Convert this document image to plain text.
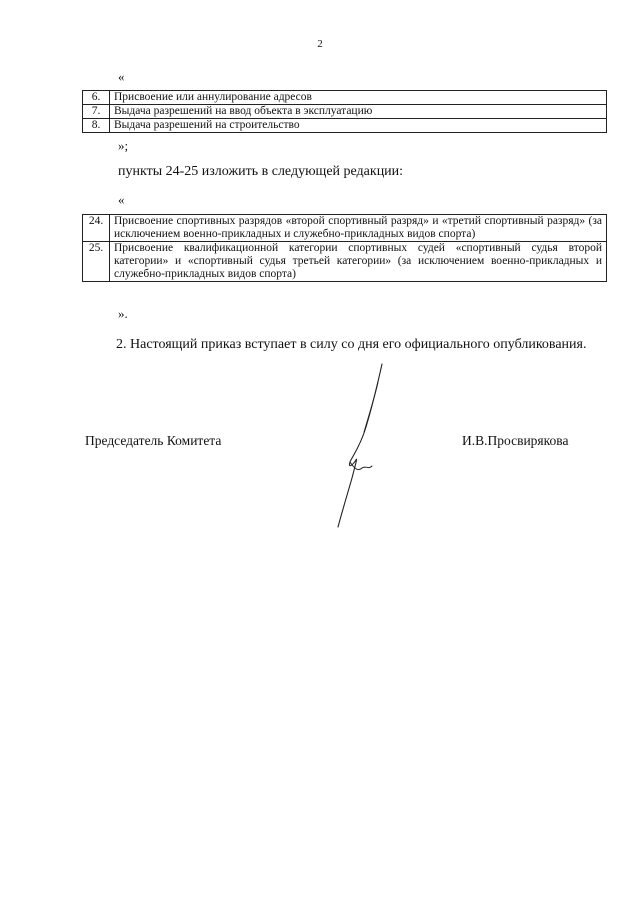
2
«
6.	Присвоение или аннулирование адресов
7.	Выдача разрешений на ввод объекта в эксплуатацию
8.	Выдача разрешений на строительство
»;
пункты 24-25 изложить в следующей редакции:
«
24.	Присвоение спортивных разрядов «второй спортивный разряд» и «третий спортивный разряд» (за исключением военно-прикладных и служебно-прикладных видов спорта)
25.	Присвоение квалификационной категории спортивных судей «спортивный судья второй категории» и «спортивный судья третьей категории» (за исключением военно-прикладных и служебно-прикладных видов спорта)
».
2. Настоящий приказ вступает в силу со дня его официального опубликования.
Председатель Комитета	И.В.Просвирякова
